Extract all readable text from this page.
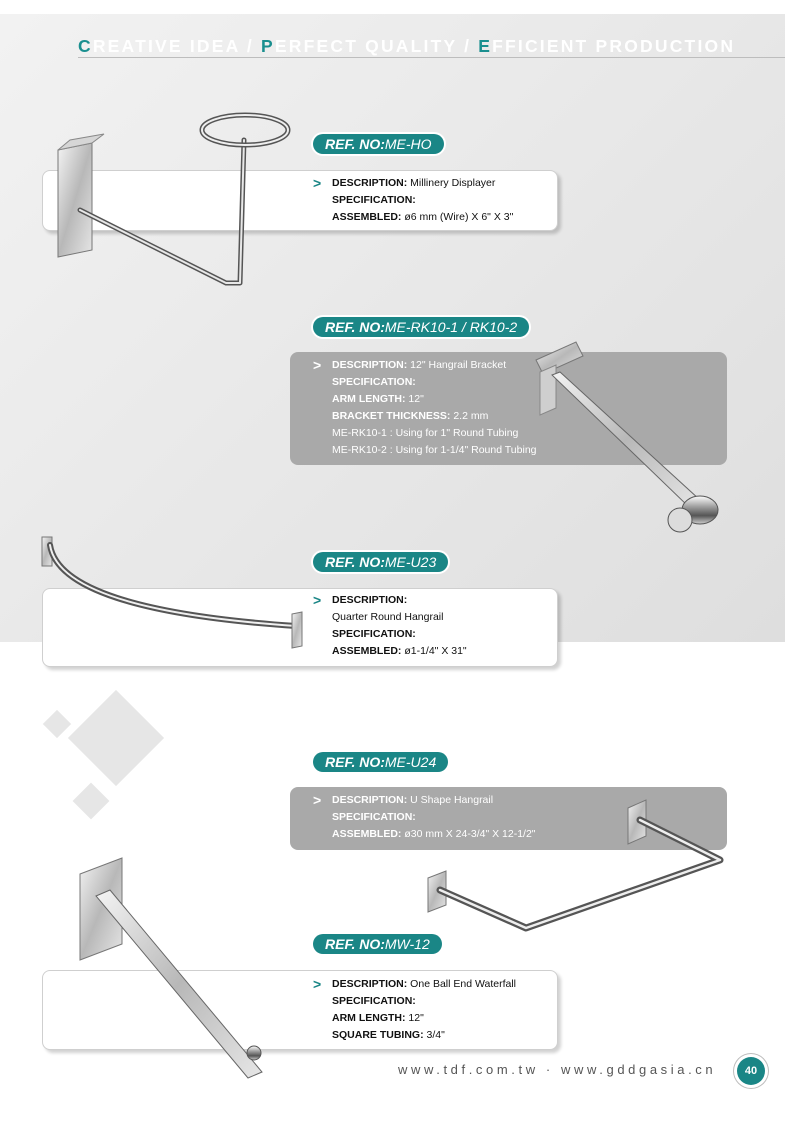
CREATIVE IDEA / PERFECT QUALITY / EFFICIENT PRODUCTION
REF. NO:ME-HO
> DESCRIPTION: Millinery Displayer
SPECIFICATION:
ASSEMBLED: ø6 mm (Wire) X 6" X 3"
REF. NO:ME-RK10-1 / RK10-2
> DESCRIPTION: 12" Hangrail Bracket
SPECIFICATION:
ARM LENGTH: 12"
BRACKET THICKNESS: 2.2 mm
ME-RK10-1 : Using for 1" Round Tubing
ME-RK10-2 : Using for 1-1/4" Round Tubing
REF. NO:ME-U23
> DESCRIPTION:
Quarter Round Hangrail
SPECIFICATION:
ASSEMBLED: ø1-1/4" X 31"
REF. NO:ME-U24
> DESCRIPTION: U Shape Hangrail
SPECIFICATION:
ASSEMBLED: ø30 mm X 24-3/4" X 12-1/2"
REF. NO:MW-12
> DESCRIPTION: One Ball End Waterfall
SPECIFICATION:
ARM LENGTH: 12"
SQUARE TUBING: 3/4"
www.tdf.com.tw · www.gddgasia.cn	40
